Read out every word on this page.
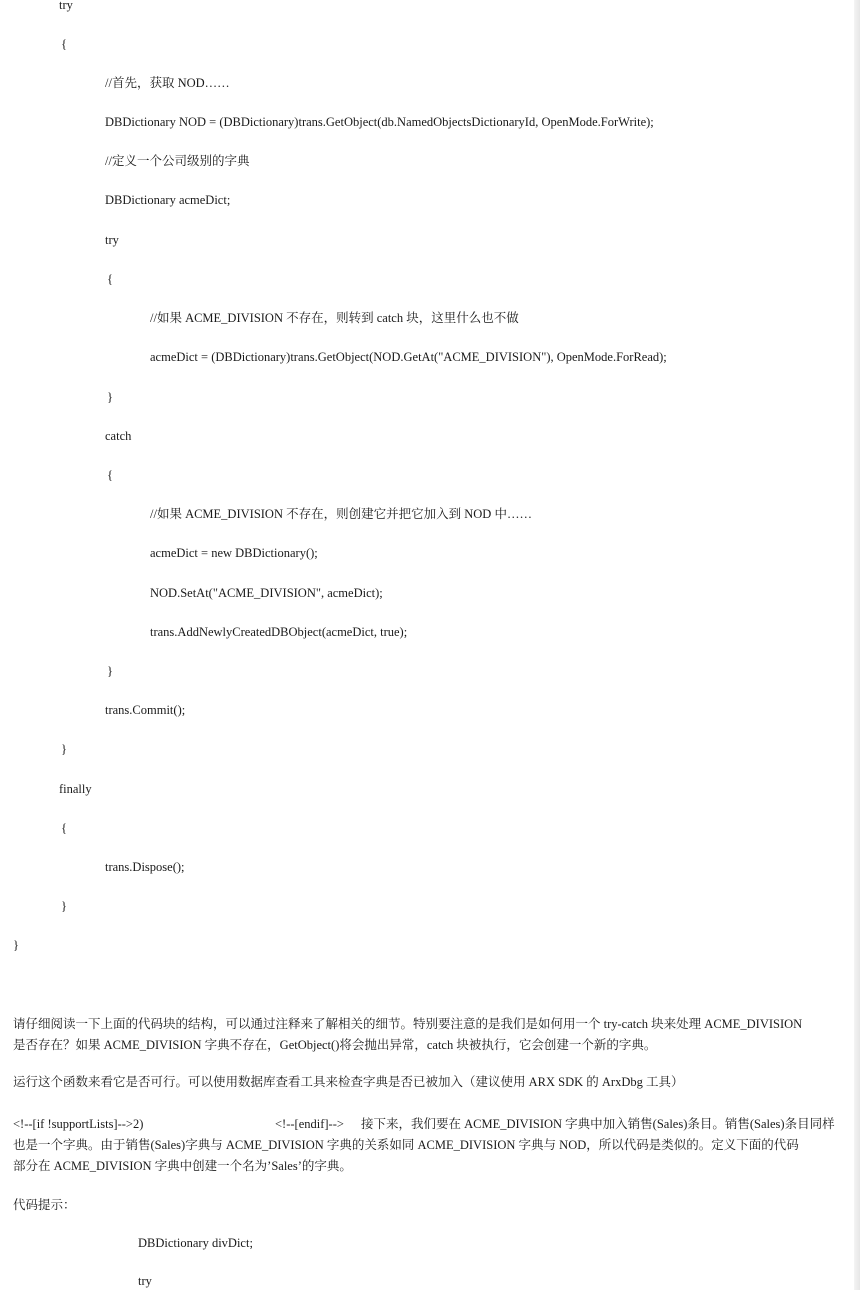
try
{
//首先，获取 NOD……
DBDictionary NOD = (DBDictionary)trans.GetObject(db.NamedObjectsDictionaryId, OpenMode.ForWrite);
//定义一个公司级别的字典
DBDictionary acmeDict;
try
{
//如果 ACME_DIVISION 不存在，则转到 catch 块，这里什么也不做
acmeDict = (DBDictionary)trans.GetObject(NOD.GetAt("ACME_DIVISION"), OpenMode.ForRead);
}
catch
{
//如果 ACME_DIVISION 不存在，则创建它并把它加入到 NOD 中……
acmeDict = new DBDictionary();
NOD.SetAt("ACME_DIVISION", acmeDict);
trans.AddNewlyCreatedDBObject(acmeDict, true);
}
trans.Commit();
}
finally
{
trans.Dispose();
}
}
请仔细阅读一下上面的代码块的结构，可以通过注释来了解相关的细节。特别要注意的是我们是如何用一个 try-catch 块来处理 ACME_DIVISION
是否存在？如果 ACME_DIVISION 字典不存在，GetObject()将会抛出异常，catch 块被执行，它会创建一个新的字典。
运行这个函数来看它是否可行。可以使用数据库查看工具来检查字典是否已被加入（建议使用 ARX SDK 的 ArxDbg 工具）
<!--[if !supportLists]-->2)	<!--[endif]--> 接下来，我们要在 ACME_DIVISION 字典中加入销售(Sales)条目。销售(Sales)条目同样
也是一个字典。由于销售(Sales)字典与 ACME_DIVISION 字典的关系如同 ACME_DIVISION 字典与 NOD，所以代码是类似的。定义下面的代码
部分在 ACME_DIVISION 字典中创建一个名为’Sales’的字典。
代码提示：
DBDictionary divDict;
try
